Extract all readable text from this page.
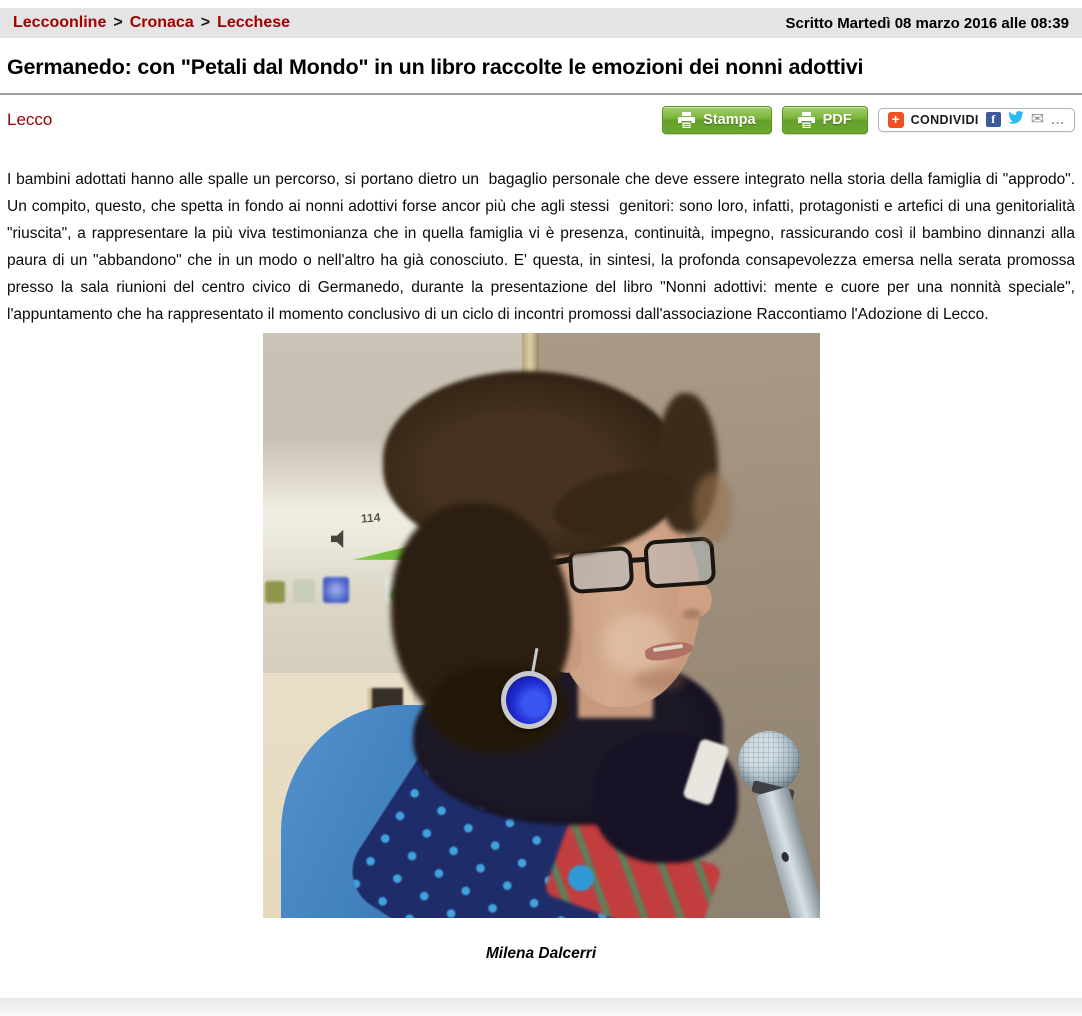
Leccoonline > Cronaca > Lecchese	Scritto Martedì 08 marzo 2016 alle 08:39
Germanedo: con "Petali dal Mondo" in un libro raccolte le emozioni dei nonni adottivi
Lecco	Stampa	PDF	+ CONDIVIDI	f	✉ ...

I bambini adottati hanno alle spalle un percorso, si portano dietro un  bagaglio personale che deve essere integrato nella storia della famiglia di "approdo". Un compito, questo, che spetta in fondo ai nonni adottivi forse ancor più che agli stessi  genitori: sono loro, infatti, protagonisti e artefici di una genitorialità "riuscita", a rappresentare la più viva testimonianza che in quella famiglia vi è presenza, continuità, impegno, rassicurando così il bambino dinnanzi alla paura di un "abbandono" che in un modo o nell'altro ha già conosciuto. E' questa, in sintesi, la profonda consapevolezza emersa nella serata promossa presso la sala riunioni del centro civico di Germanedo, durante la presentazione del libro "Nonni adottivi: mente e cuore per una nonnità speciale", l'appuntamento che ha rappresentato il momento conclusivo di un ciclo di incontri promossi dall'associazione Raccontiamo l'Adozione di Lecco.

114
Milena Dalcerri
